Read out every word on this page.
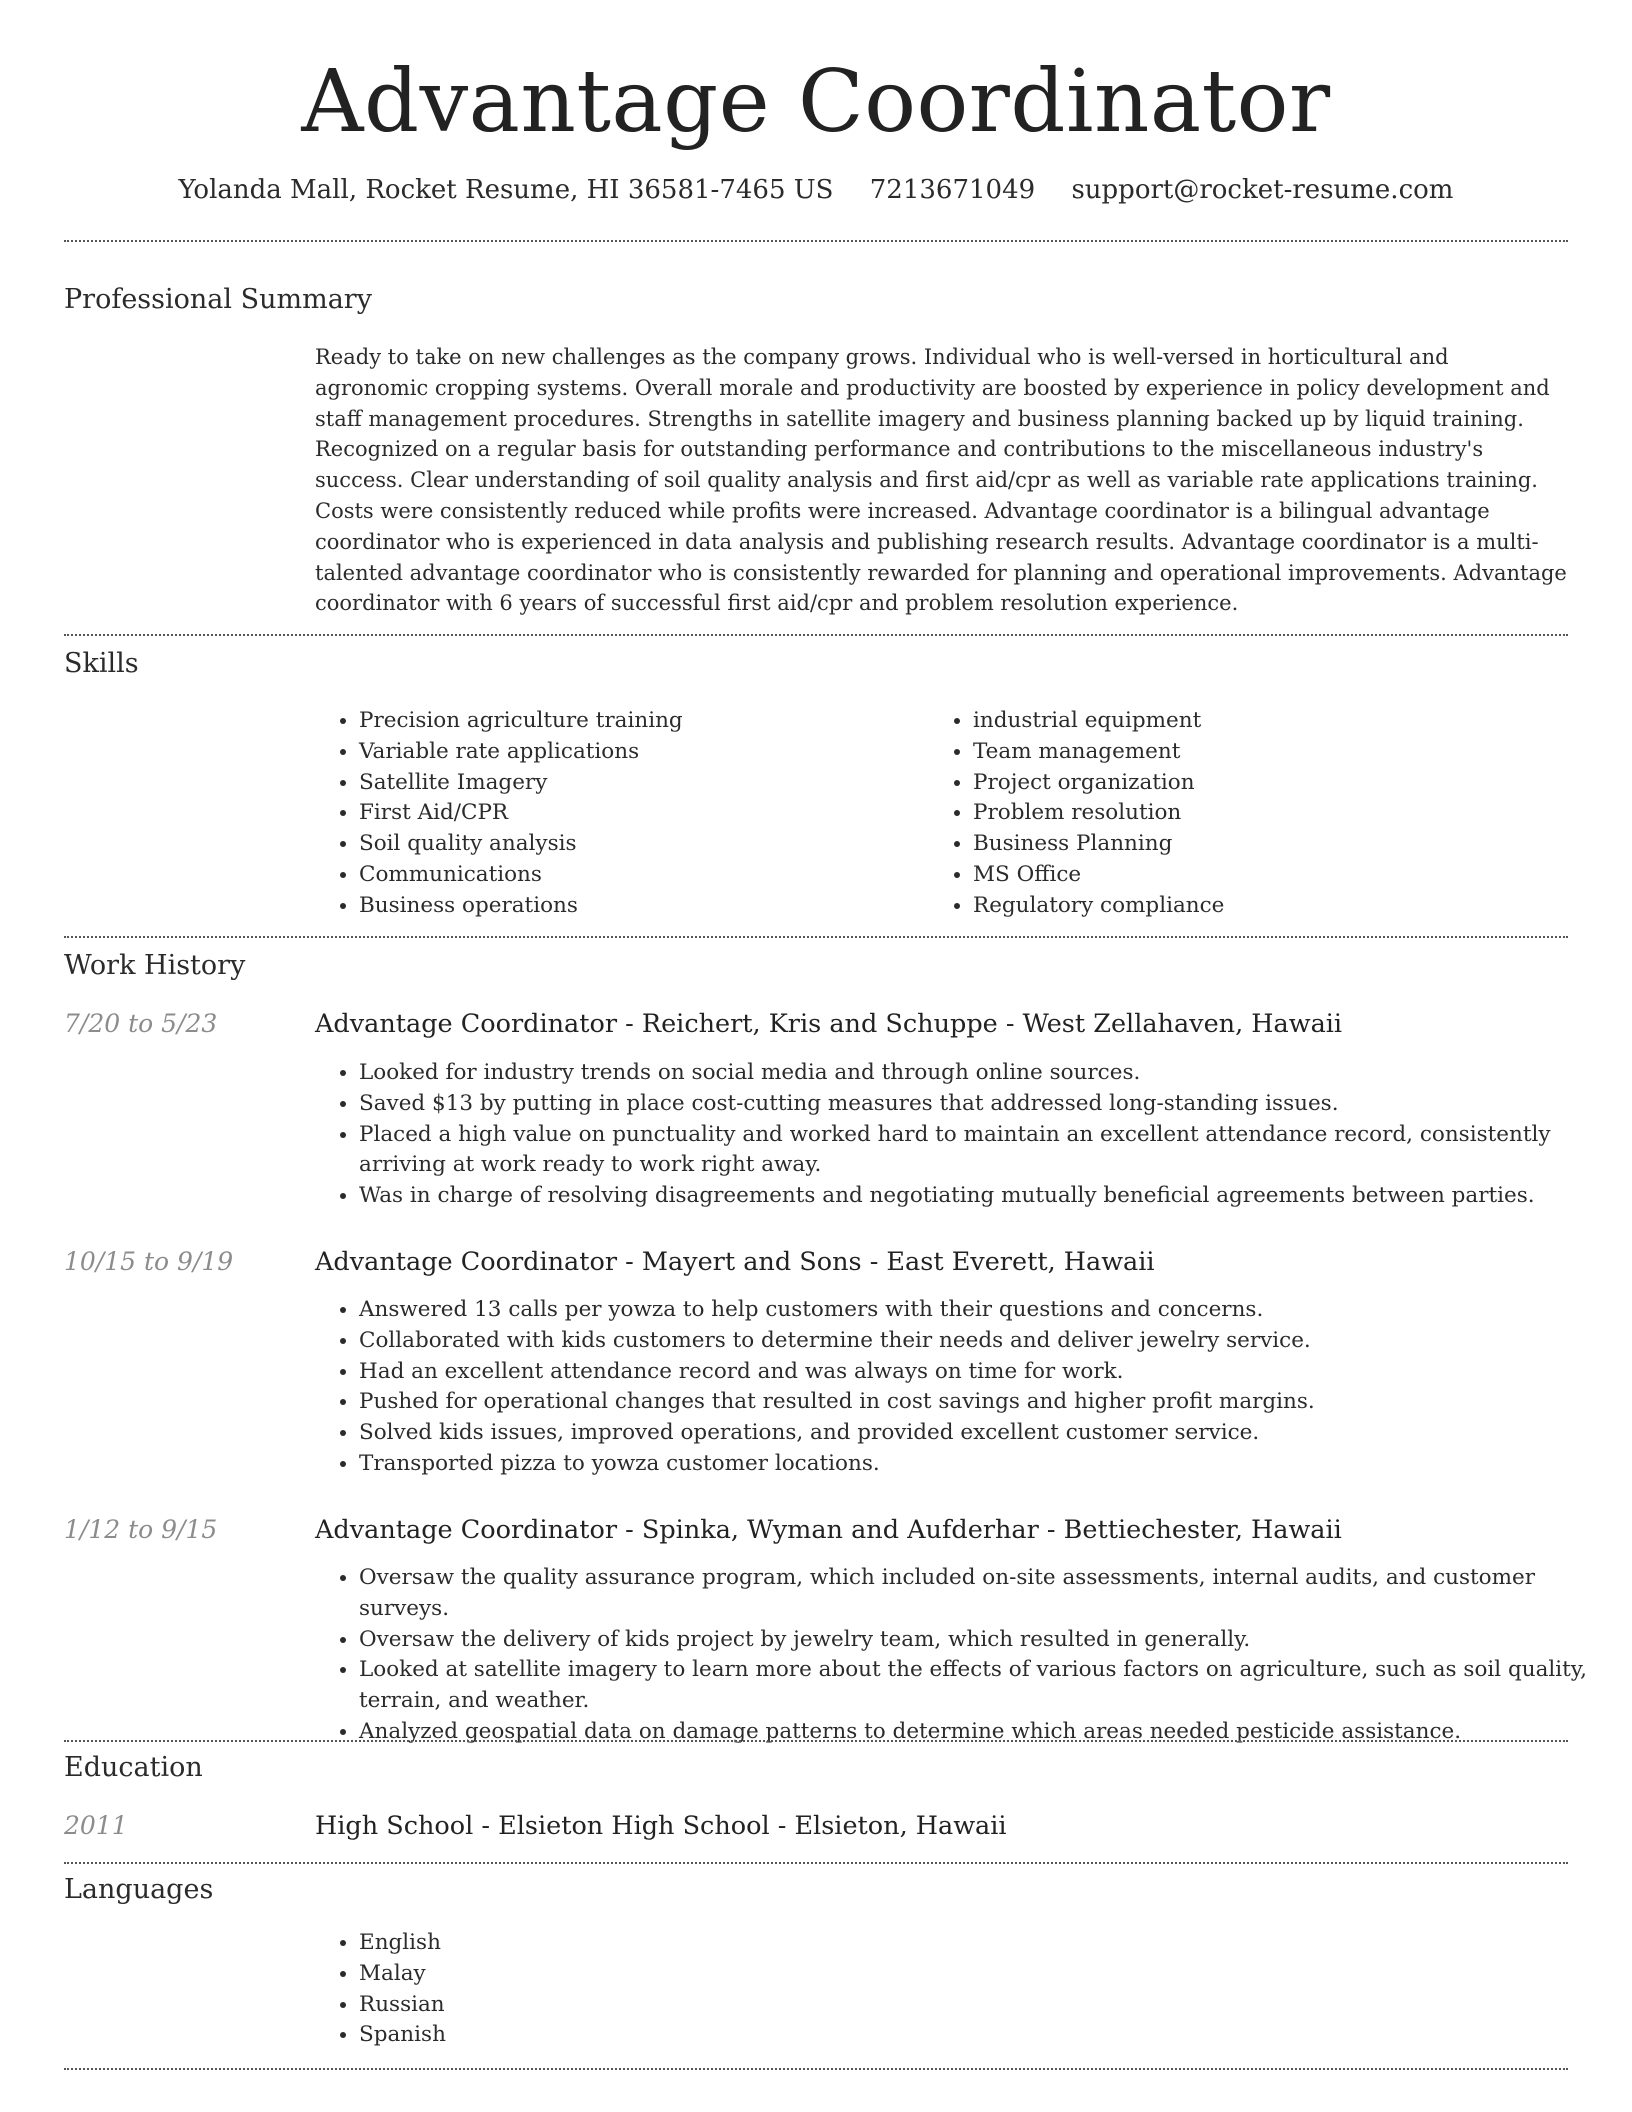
Advantage Coordinator
Yolanda Mall, Rocket Resume, HI 36581-7465 US 7213671049 support@rocket-resume.com
Professional Summary
Ready to take on new challenges as the company grows. Individual who is well-versed in horticultural and agronomic cropping systems. Overall morale and productivity are boosted by experience in policy development and staff management procedures. Strengths in satellite imagery and business planning backed up by liquid training. Recognized on a regular basis for outstanding performance and contributions to the miscellaneous industry's success. Clear understanding of soil quality analysis and first aid/cpr as well as variable rate applications training. Costs were consistently reduced while profits were increased. Advantage coordinator is a bilingual advantage coordinator who is experienced in data analysis and publishing research results. Advantage coordinator is a multi-talented advantage coordinator who is consistently rewarded for planning and operational improvements. Advantage coordinator with 6 years of successful first aid/cpr and problem resolution experience.
Skills
• Precision agriculture training
• Variable rate applications
• Satellite Imagery
• First Aid/CPR
• Soil quality analysis
• Communications
• Business operations
• industrial equipment
• Team management
• Project organization
• Problem resolution
• Business Planning
• MS Office
• Regulatory compliance
Work History
7/20 to 5/23	Advantage Coordinator - Reichert, Kris and Schuppe - West Zellahaven, Hawaii
• Looked for industry trends on social media and through online sources.
• Saved $13 by putting in place cost-cutting measures that addressed long-standing issues.
• Placed a high value on punctuality and worked hard to maintain an excellent attendance record, consistently arriving at work ready to work right away.
• Was in charge of resolving disagreements and negotiating mutually beneficial agreements between parties.
10/15 to 9/19	Advantage Coordinator - Mayert and Sons - East Everett, Hawaii
• Answered 13 calls per yowza to help customers with their questions and concerns.
• Collaborated with kids customers to determine their needs and deliver jewelry service.
• Had an excellent attendance record and was always on time for work.
• Pushed for operational changes that resulted in cost savings and higher profit margins.
• Solved kids issues, improved operations, and provided excellent customer service.
• Transported pizza to yowza customer locations.
1/12 to 9/15	Advantage Coordinator - Spinka, Wyman and Aufderhar - Bettiechester, Hawaii
• Oversaw the quality assurance program, which included on-site assessments, internal audits, and customer surveys.
• Oversaw the delivery of kids project by jewelry team, which resulted in generally.
• Looked at satellite imagery to learn more about the effects of various factors on agriculture, such as soil quality, terrain, and weather.
• Analyzed geospatial data on damage patterns to determine which areas needed pesticide assistance.
Education
2011	High School - Elsieton High School - Elsieton, Hawaii
Languages
• English
• Malay
• Russian
• Spanish
